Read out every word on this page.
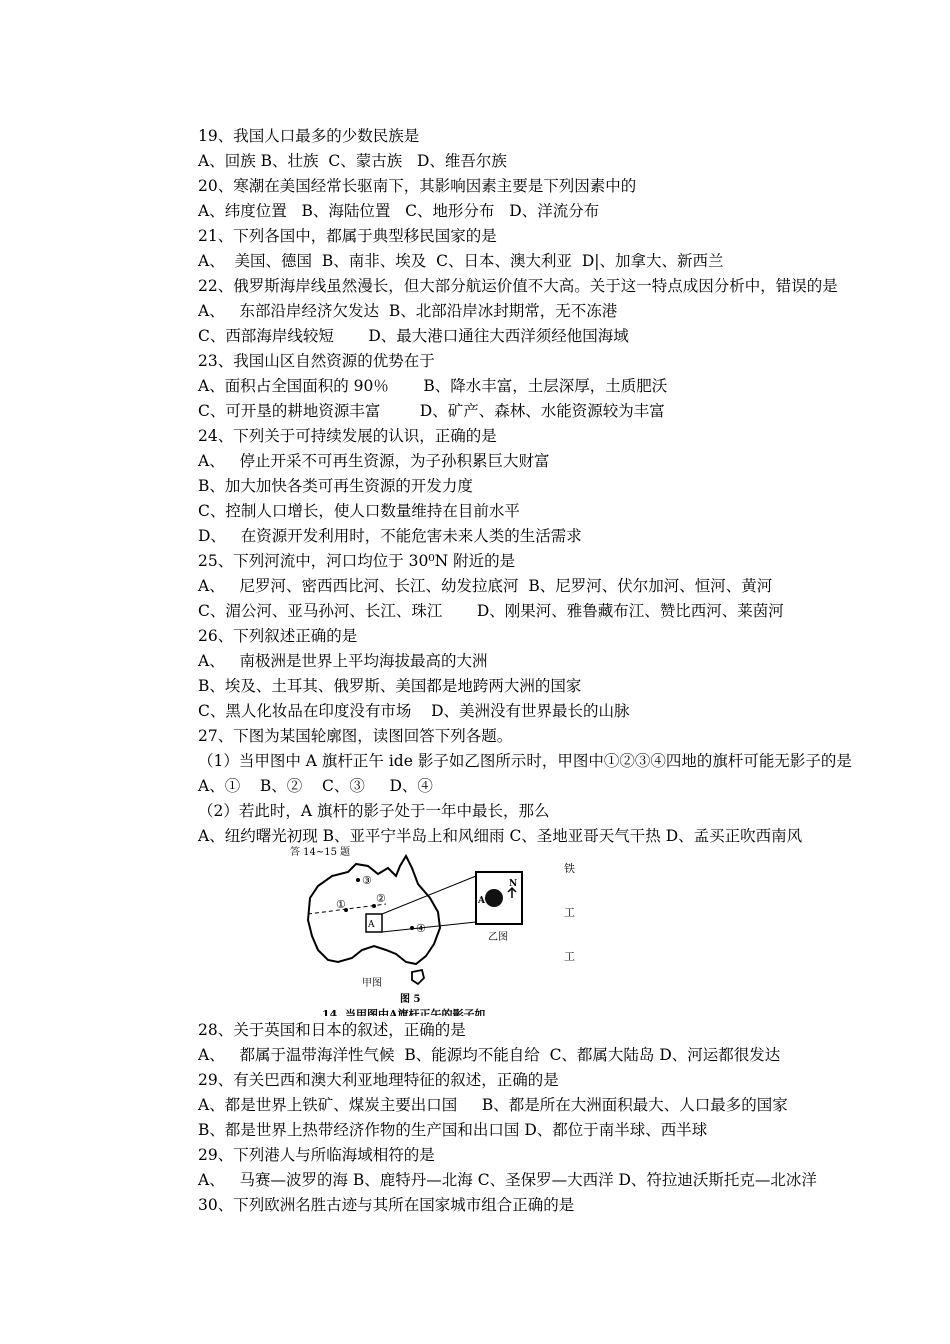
19、我国人口最多的少数民族是
A、回族 B、壮族  C、蒙古族   D、维吾尔族
20、寒潮在美国经常长驱南下，其影响因素主要是下列因素中的
A、纬度位置   B、海陆位置   C、地形分布   D、洋流分布
21、下列各国中，都属于典型移民国家的是
A、  美国、德国  B、南非、埃及  C、日本、澳大利亚  D|、加拿大、新西兰
22、俄罗斯海岸线虽然漫长，但大部分航运价值不大高。关于这一特点成因分析中，错误的是
A、   东部沿岸经济欠发达  B、北部沿岸冰封期常，无不冻港
C、西部海岸线较短       D、最大港口通往大西洋须经他国海域
23、我国山区自然资源的优势在于
A、面积占全国面积的 90％       B、降水丰富，土层深厚，土质肥沃
C、可开垦的耕地资源丰富        D、矿产、森林、水能资源较为丰富
24、下列关于可持续发展的认识，正确的是
A、   停止开采不可再生资源，为子孙积累巨大财富
B、加大加快各类可再生资源的开发力度
C、控制人口增长，使人口数量维持在目前水平
D、   在资源开发利用时，不能危害未来人类的生活需求
25、下列河流中，河口均位于 30⁰N 附近的是
A、   尼罗河、密西西比河、长江、幼发拉底河  B、尼罗河、伏尔加河、恒河、黄河
C、湄公河、亚马孙河、长江、珠江       D、刚果河、雅鲁藏布江、赞比西河、莱茵河
26、下列叙述正确的是
A、   南极洲是世界上平均海拔最高的大洲
B、埃及、土耳其、俄罗斯、美国都是地跨两大洲的国家
C、黑人化妆品在印度没有市场    D、美洲没有世界最长的山脉
27、下图为某国轮廓图，读图回答下列各题。
（1）当甲图中 A 旗杆正午 ide 影子如乙图所示时，甲图中①②③④四地的旗杆可能无影子的是
A、①    B、②    C、③     D、④
（2）若此时，A 旗杆的影子处于一年中最长，那么
A、纽约曙光初现 B、亚平宁半岛上和风细雨 C、圣地亚哥天气干热 D、孟买正吹西南风
答 14~15 题
A
A
N
乙图
①	②
③
④
甲图
图 5
铁
工
工
14. 当甲图中A旗杆正午的影子如
28、关于英国和日本的叙述，正确的是
A、   都属于温带海洋性气候  B、能源均不能自给  C、都属大陆岛 D、河运都很发达
29、有关巴西和澳大利亚地理特征的叙述，正确的是
A、都是世界上铁矿、煤炭主要出口国     B、都是所在大洲面积最大、人口最多的国家
B、都是世界上热带经济作物的生产国和出口国 D、都位于南半球、西半球
29、下列港人与所临海域相符的是
A、   马赛—波罗的海 B、鹿特丹—北海 C、圣保罗—大西洋 D、符拉迪沃斯托克—北冰洋
30、下列欧洲名胜古迹与其所在国家城市组合正确的是
